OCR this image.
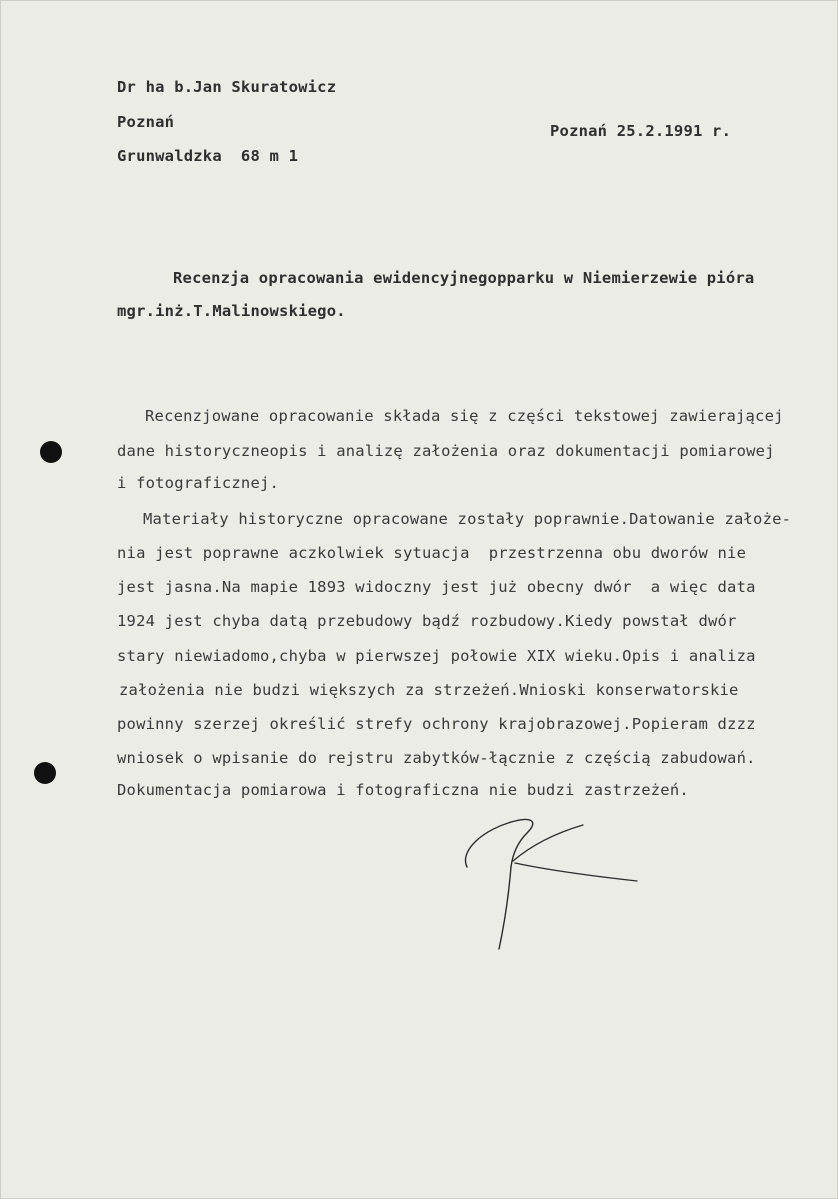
Dr ha b.Jan Skuratowicz
Poznań
Grunwaldzka  68 m 1
Poznań 25.2.1991 r.
Recenzja opracowania ewidencyjnegopparku w Niemierzewie pióra
mgr.inż.T.Malinowskiego.
Recenzjowane opracowanie składa się z części tekstowej zawierającej
dane historyczneopis i analizę założenia oraz dokumentacji pomiarowej
i fotograficznej.
Materiały historyczne opracowane zostały poprawnie.Datowanie założe-
nia jest poprawne aczkolwiek sytuacja  przestrzenna obu dworów nie
jest jasna.Na mapie 1893 widoczny jest już obecny dwór  a więc data
1924 jest chyba datą przebudowy bądź rozbudowy.Kiedy powstał dwór
stary niewiadomo,chyba w pierwszej połowie XIX wieku.Opis i analiza
założenia nie budzi większych za strzeżeń.Wnioski konserwatorskie
powinny szerzej określić strefy ochrony krajobrazowej.Popieram dzzz
wniosek o wpisanie do rejstru zabytków-łącznie z częścią zabudowań.
Dokumentacja pomiarowa i fotograficzna nie budzi zastrzeżeń.
